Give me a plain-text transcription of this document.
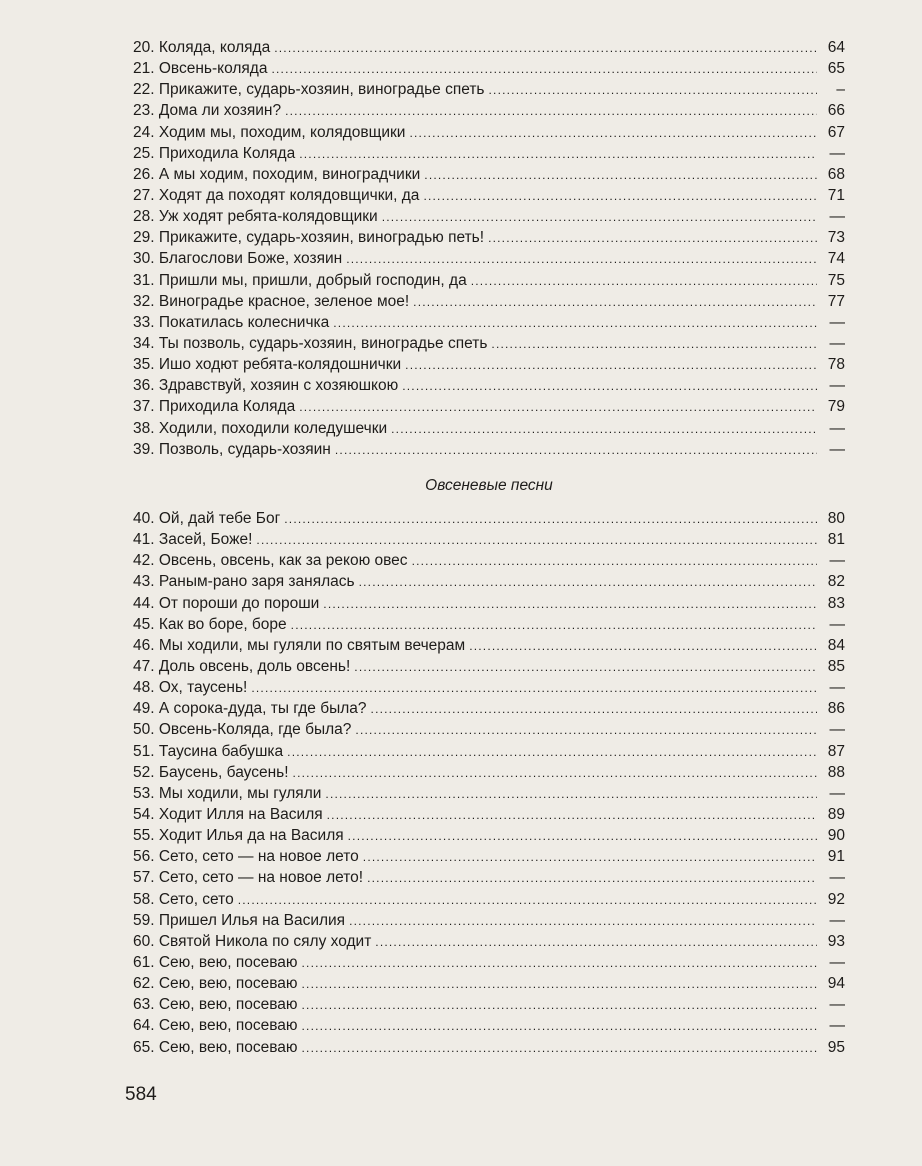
20. Коляда, коляда .....	64
21. Овсень-коляда .....	65
22. Прикажите, сударь-хозяин, виноградье спеть .....	–
23. Дома ли хозяин? .....	66
24. Ходим мы, походим, колядовщики .....	67
25. Приходила Коляда .....	—
26. А мы ходим, походим, виноградчики .....	68
27. Ходят да походят колядовщички, да .....	71
28. Уж ходят ребята-колядовщики .....	—
29. Прикажите, сударь-хозяин, виноградью петь! .....	73
30. Благослови Боже, хозяин .....	74
31. Пришли мы, пришли, добрый господин, да .....	75
32. Виноградье красное, зеленое мое! .....	77
33. Покатилась колесничка .....	—
34. Ты позволь, сударь-хозяин, виноградье спеть .....	—
35. Ишо ходют ребята-колядошнички .....	78
36. Здравствуй, хозяин с хозяюшкою .....	—
37. Приходила Коляда .....	79
38. Ходили, походили коледушечки .....	—
39. Позволь, сударь-хозяин .....	—
Овсеневые песни
40. Ой, дай тебе Бог .....	80
41. Засей, Боже! .....	81
42. Овсень, овсень, как за рекою овес .....	—
43. Раным-рано заря занялась .....	82
44. От пороши до пороши .....	83
45. Как во боре, боре .....	—
46. Мы ходили, мы гуляли по святым вечерам .....	84
47. Доль овсень, доль овсень! .....	85
48. Ох, таусень! .....	—
49. А сорока-дуда, ты где была? .....	86
50. Овсень-Коляда, где была? .....	—
51. Таусина бабушка .....	87
52. Баусень, баусень! .....	88
53. Мы ходили, мы гуляли .....	—
54. Ходит Илля на Василя .....	89
55. Ходит Илья да на Василя .....	90
56. Сето, сето — на новое лето .....	91
57. Сето, сето — на новое лето! .....	—
58. Сето, сето .....	92
59. Пришел Илья на Василия .....	—
60. Святой Никола по сялу ходит .....	93
61. Сею, вею, посеваю .....	—
62. Сею, вею, посеваю .....	94
63. Сею, вею, посеваю .....	—
64. Сею, вею, посеваю .....	—
65. Сею, вею, посеваю .....	95
584
